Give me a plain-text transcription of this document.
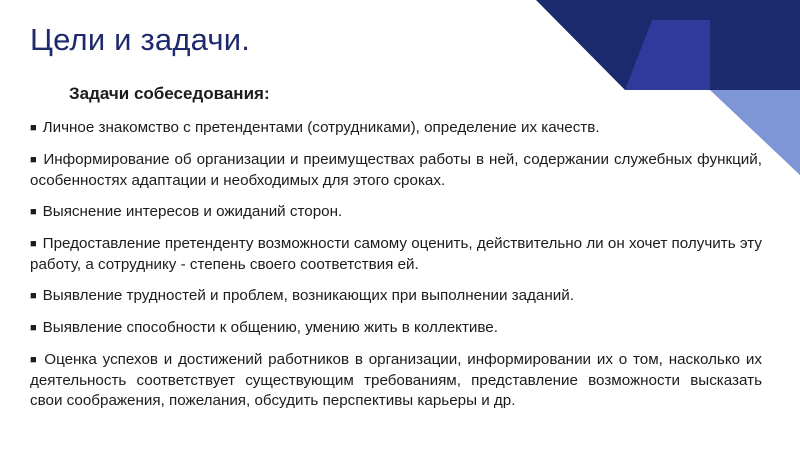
Цели и задачи.
Задачи собеседования:
■ Личное знакомство с претендентами (сотрудниками), определение их качеств.
■ Информирование об организации и преимуществах работы в ней, содержании служебных функций, особенностях адаптации и необходимых для этого сроках.
■ Выяснение интересов и ожиданий сторон.
■ Предоставление претенденту возможности самому оценить, действительно ли он хочет получить эту работу, а сотруднику - степень своего соответствия ей.
■ Выявление трудностей и проблем, возникающих при выполнении заданий.
■ Выявление способности к общению, умению жить в коллективе.
■ Оценка успехов и достижений работников в организации, информировании их о том, насколько их деятельность соответствует существующим требованиям, представление возможности высказать свои соображения, пожелания, обсудить перспективы карьеры и др.
